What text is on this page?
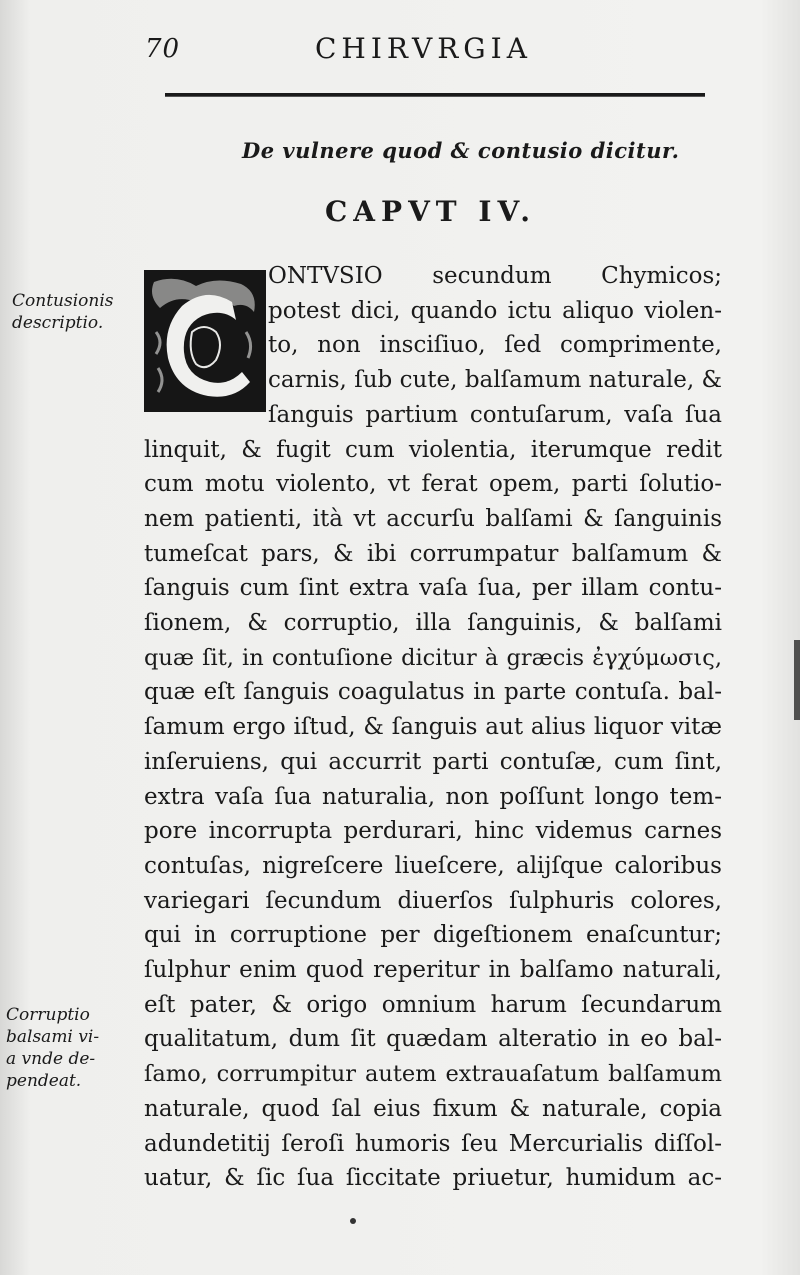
70	CHIRVRGIA
De vulnere quod & contusio dicitur.
CAPVT IV.
ONTVSIO secundum Chymicos;
potest dici, quando ictu aliquo violen-
to, non insciſiuo, ſed comprimente,
carnis, ſub cute, balſamum naturale, &
ſanguis partium contuſarum, vaſa ſua
linquit, & fugit cum violentia, iterumque redit
cum motu violento, vt ferat opem, parti ſolutio-
nem patienti, ità vt accurſu balſami & ſanguinis
tumeſcat pars, & ibi corrumpatur balſamum &
ſanguis cum ſint extra vaſa ſua, per illam contu-
ſionem, & corruptio, illa ſanguinis, & balſami
quæ ſit, in contuſione dicitur à græcis ἐγχύμωσις,
quæ eſt ſanguis coagulatus in parte contuſa. bal-
ſamum ergo iſtud, & ſanguis aut alius liquor vitæ
inſeruiens, qui accurrit parti contuſæ, cum ſint,
extra vaſa ſua naturalia, non poſſunt longo tem-
pore incorrupta perdurari, hinc videmus carnes
contuſas, nigreſcere liueſcere, alijſque caloribus
variegari ſecundum diuerſos ſulphuris colores,
qui in corruptione per digeſtionem enaſcuntur;
ſulphur enim quod reperitur in balſamo naturali,
eſt pater, & origo omnium harum ſecundarum
qualitatum, dum ſit quædam alteratio in eo bal-
ſamo, corrumpitur autem extrauaſatum balſamum
naturale, quod ſal eius fixum & naturale, copia
adundetitij ſeroſi humoris ſeu Mercurialis diſſol-
uatur, & ſic ſua ſiccitate priuetur, humidum ac-
Contusionis
descriptio.
Corruptio
balsami vi-
a vnde de-
pendeat.
